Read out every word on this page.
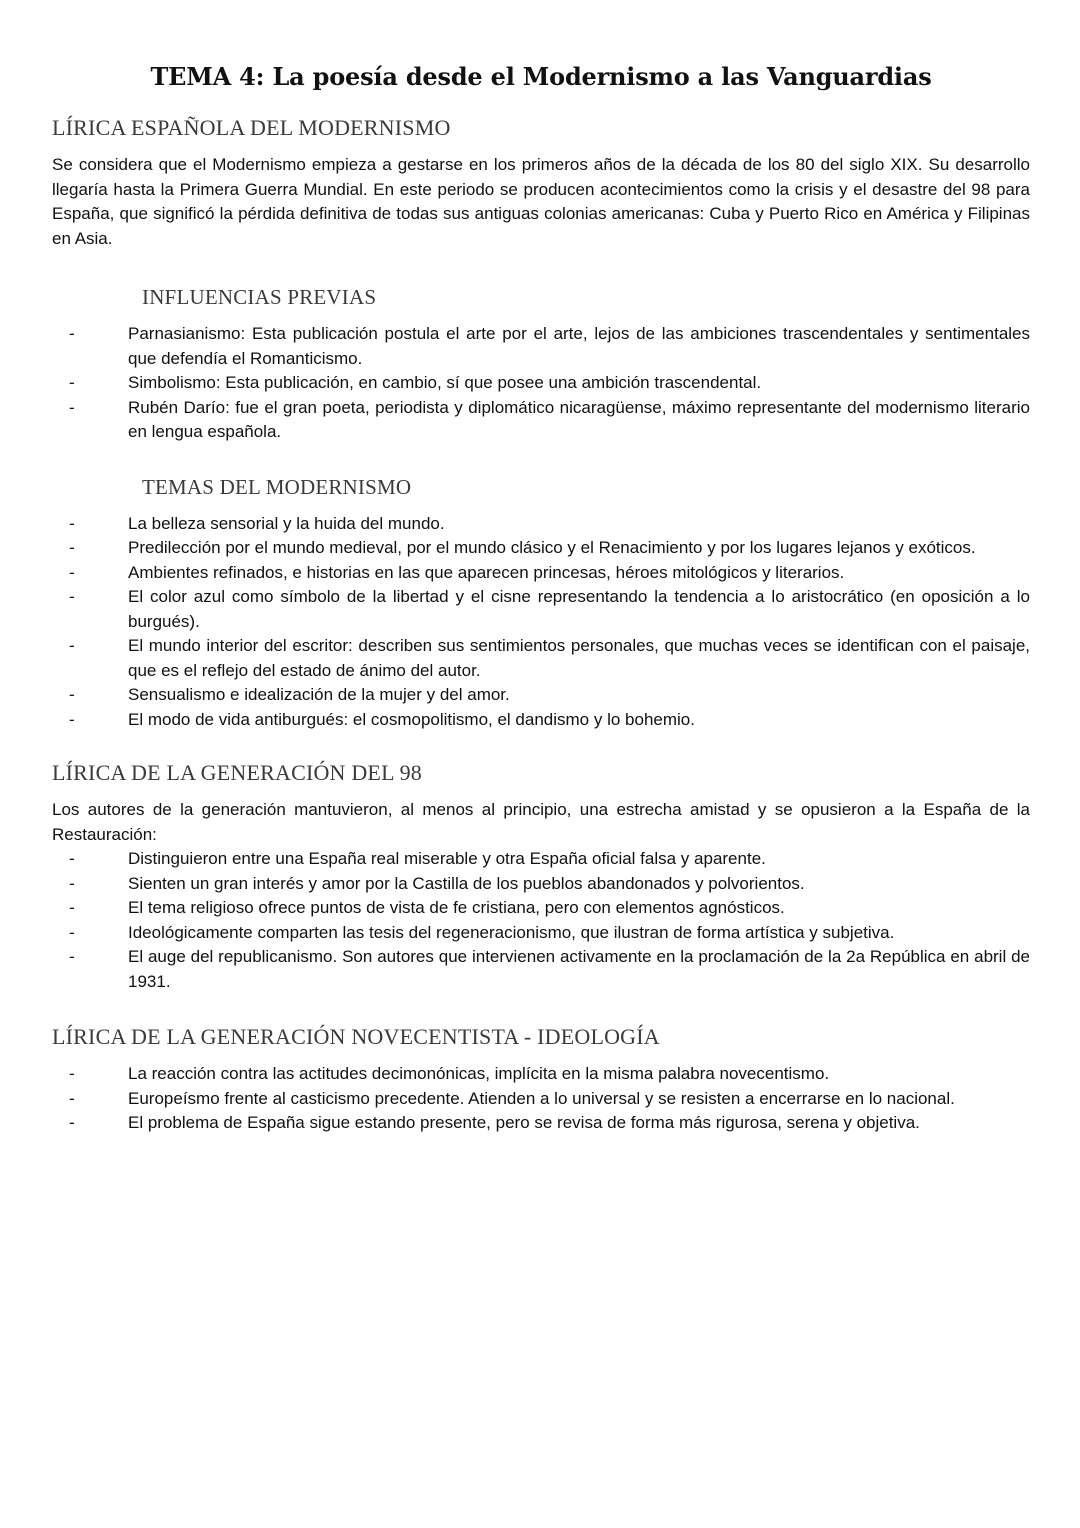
TEMA 4: La poesía desde el Modernismo a las Vanguardias
LÍRICA ESPAÑOLA DEL MODERNISMO

Se considera que el Modernismo empieza a gestarse en los primeros años de la década de los 80 del siglo XIX. Su desarrollo llegaría hasta la Primera Guerra Mundial. En este periodo se producen acontecimientos como la crisis y el desastre del 98 para España, que significó la pérdida definitiva de todas sus antiguas colonias americanas: Cuba y Puerto Rico en América y Filipinas en Asia.

INFLUENCIAS PREVIAS
-	Parnasianismo: Esta publicación postula el arte por el arte, lejos de las ambiciones trascendentales y sentimentales que defendía el Romanticismo.
-	Simbolismo: Esta publicación, en cambio, sí que posee una ambición trascendental.
-	Rubén Darío: fue el gran poeta, periodista y diplomático nicaragüense, máximo representante del modernismo literario en lengua española.
TEMAS DEL MODERNISMO
-	La belleza sensorial y la huida del mundo.
-	Predilección por el mundo medieval, por el mundo clásico y el Renacimiento y por los lugares lejanos y exóticos.
-	Ambientes refinados, e historias en las que aparecen princesas, héroes mitológicos y literarios.
-	El color azul como símbolo de la libertad y el cisne representando la tendencia a lo aristocrático (en oposición a lo burgués).
-	El mundo interior del escritor: describen sus sentimientos personales, que muchas veces se identifican con el paisaje, que es el reflejo del estado de ánimo del autor.
-	Sensualismo e idealización de la mujer y del amor.
-	El modo de vida antiburgués: el cosmopolitismo, el dandismo y lo bohemio.
LÍRICA DE LA GENERACIÓN DEL 98

Los autores de la generación mantuvieron, al menos al principio, una estrecha amistad y se opusieron a la España de la Restauración:

-	Distinguieron entre una España real miserable y otra España oficial falsa y aparente.
-	Sienten un gran interés y amor por la Castilla de los pueblos abandonados y polvorientos.
-	El tema religioso ofrece puntos de vista de fe cristiana, pero con elementos agnósticos.
-	Ideológicamente comparten las tesis del regeneracionismo, que ilustran de forma artística y subjetiva.
-	El auge del republicanismo. Son autores que intervienen activamente en la proclamación de la 2a República en abril de 1931.
LÍRICA DE LA GENERACIÓN NOVECENTISTA - IDEOLOGÍA
-	La reacción contra las actitudes decimonónicas, implícita en la misma palabra novecentismo.
-	Europeísmo frente al casticismo precedente. Atienden a lo universal y se resisten a encerrarse en lo nacional.
-	El problema de España sigue estando presente, pero se revisa de forma más rigurosa, serena y objetiva.
